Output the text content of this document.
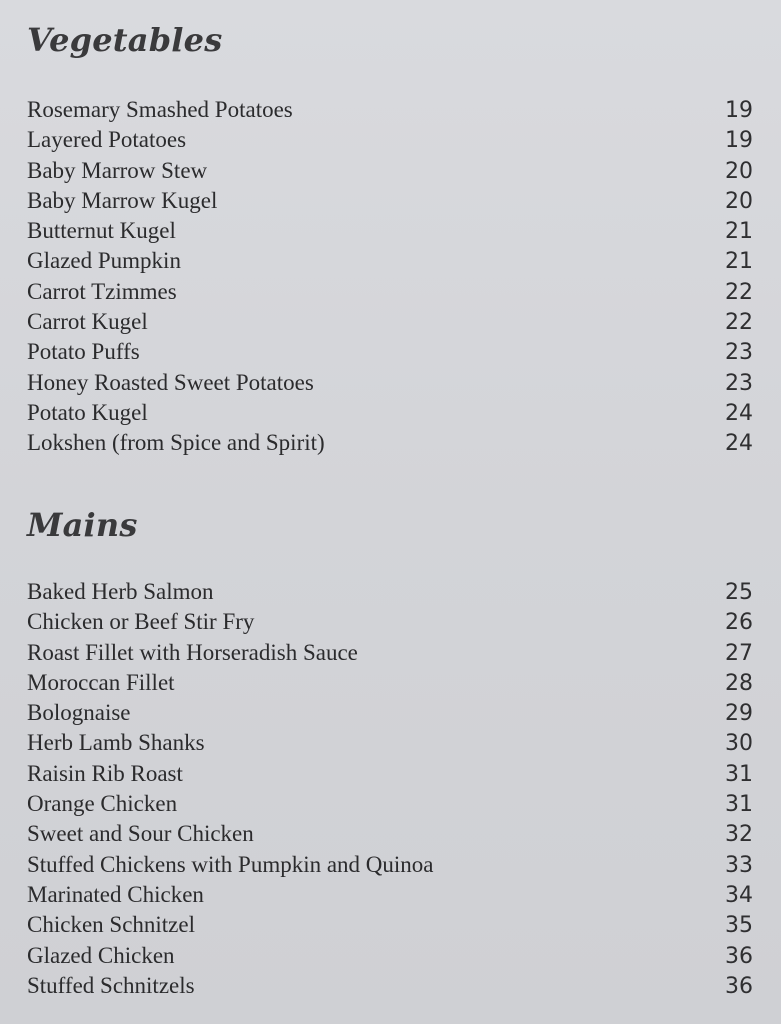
Vegetables
Rosemary Smashed Potatoes	19
Layered Potatoes	19
Baby Marrow Stew	20
Baby Marrow Kugel	20
Butternut Kugel	21
Glazed Pumpkin	21
Carrot Tzimmes	22
Carrot Kugel	22
Potato Puffs	23
Honey Roasted Sweet Potatoes	23
Potato Kugel	24
Lokshen (from Spice and Spirit)	24
Mains
Baked Herb Salmon	25
Chicken or Beef Stir Fry	26
Roast Fillet with Horseradish Sauce	27
Moroccan Fillet	28
Bolognaise	29
Herb Lamb Shanks	30
Raisin Rib Roast	31
Orange Chicken	31
Sweet and Sour Chicken	32
Stuffed Chickens with Pumpkin and Quinoa	33
Marinated Chicken	34
Chicken Schnitzel	35
Glazed Chicken	36
Stuffed Schnitzels	36
